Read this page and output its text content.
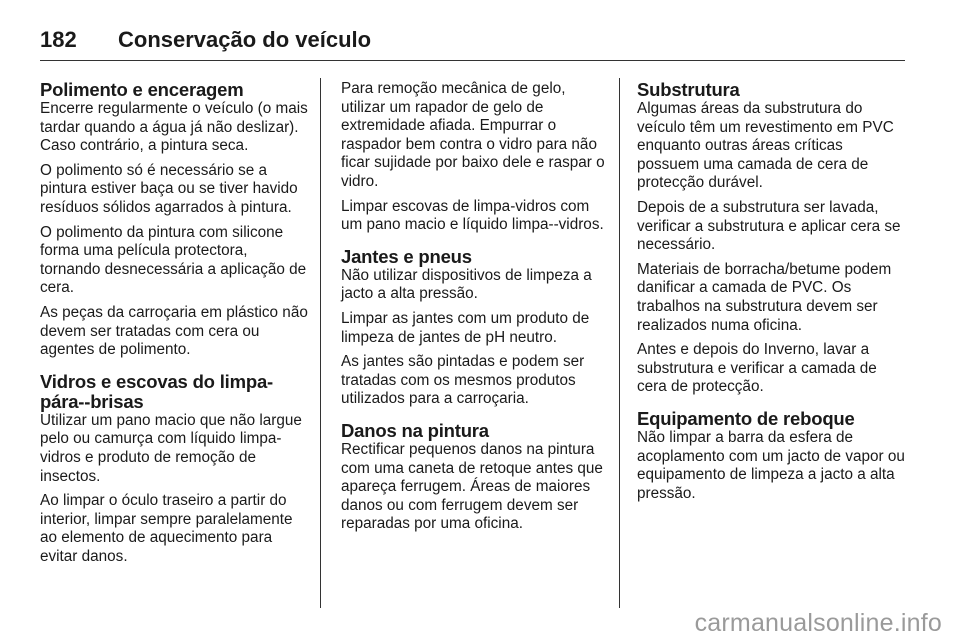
182	Conservação do veículo
Polimento e enceragem

Encerre regularmente o veículo (o mais tardar quando a água já não deslizar). Caso contrário, a pintura seca.

O polimento só é necessário se a pintura estiver baça ou se tiver havido resíduos sólidos agarrados à pintura.

O polimento da pintura com silicone forma uma película protectora, tornando desnecessária a aplicação de cera.

As peças da carroçaria em plástico não devem ser tratadas com cera ou agentes de polimento.

Vidros e escovas do limpa-pára--brisas

Utilizar um pano macio que não largue pelo ou camurça com líquido limpa-vidros e produto de remoção de insectos.

Ao limpar o óculo traseiro a partir do interior, limpar sempre paralelamente ao elemento de aquecimento para evitar danos.

Para remoção mecânica de gelo, utilizar um rapador de gelo de extremidade afiada. Empurrar o raspador bem contra o vidro para não ficar sujidade por baixo dele e raspar o vidro.

Limpar escovas de limpa-vidros com um pano macio e líquido limpa--vidros.

Jantes e pneus

Não utilizar dispositivos de limpeza a jacto a alta pressão.

Limpar as jantes com um produto de limpeza de jantes de pH neutro.

As jantes são pintadas e podem ser tratadas com os mesmos produtos utilizados para a carroçaria.

Danos na pintura

Rectificar pequenos danos na pintura com uma caneta de retoque antes que apareça ferrugem. Áreas de maiores danos ou com ferrugem devem ser reparadas por uma oficina.

Substrutura

Algumas áreas da substrutura do veículo têm um revestimento em PVC enquanto outras áreas críticas possuem uma camada de cera de protecção durável.

Depois de a substrutura ser lavada, verificar a substrutura e aplicar cera se necessário.

Materiais de borracha/betume podem danificar a camada de PVC. Os trabalhos na substrutura devem ser realizados numa oficina.

Antes e depois do Inverno, lavar a substrutura e verificar a camada de cera de protecção.

Equipamento de reboque

Não limpar a barra da esfera de acoplamento com um jacto de vapor ou equipamento de limpeza a jacto a alta pressão.

carmanualsonline.info
